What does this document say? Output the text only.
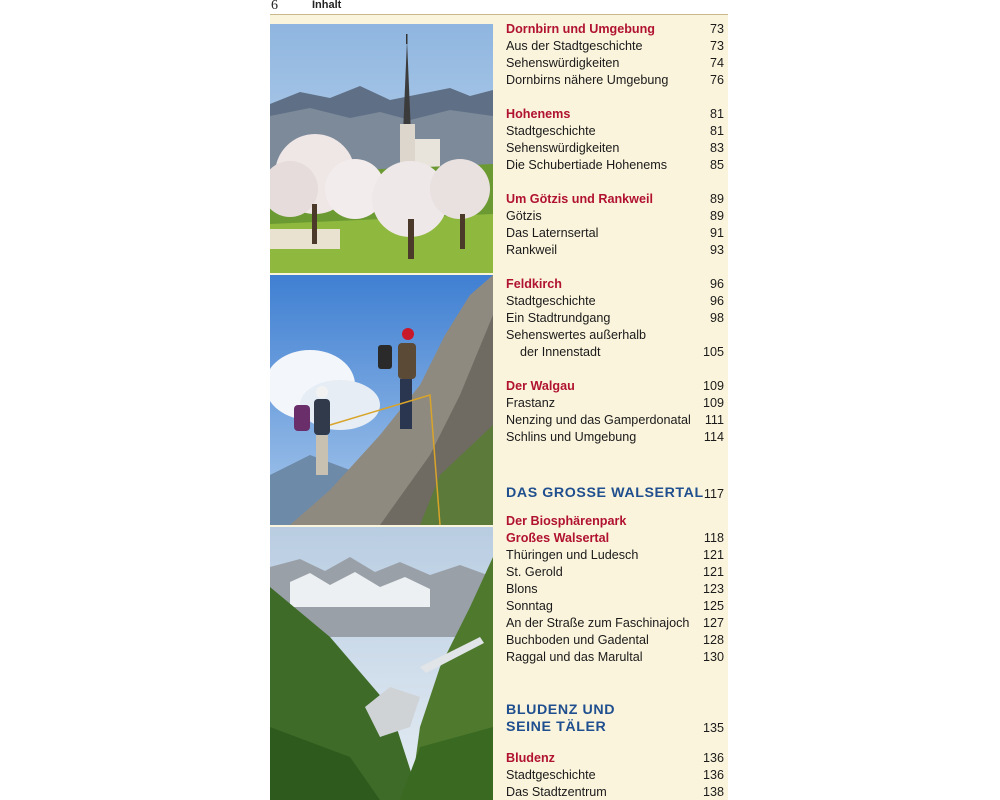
6	Inhalt
Dornbirn und Umgebung	73
Aus der Stadtgeschichte	73
Sehenswürdigkeiten	74
Dornbirns nähere Umgebung	76
Hohenems	81
Stadtgeschichte	81
Sehenswürdigkeiten	83
Die Schubertiade Hohenems	85
Um Götzis und Rankweil	89
Götzis	89
Das Laternsertal	91
Rankweil	93
Feldkirch	96
Stadtgeschichte	96
Ein Stadtrundgang	98
Sehenswertes außerhalb
der Innenstadt	105
Der Walgau	109
Frastanz	109
Nenzing und das Gamperdonatal 111
Schlins und Umgebung	114
DAS GROSSE WALSERTAL 117
Der Biosphärenpark
Großes Walsertal	118
Thüringen und Ludesch	121
St. Gerold	121
Blons	123
Sonntag	125
An der Straße zum Faschinajoch 127
Buchboden und Gadental	128
Raggal und das Marultal	130
BLUDENZ UND
SEINE TÄLER	135
Bludenz	136
Stadtgeschichte	136
Das Stadtzentrum	138
